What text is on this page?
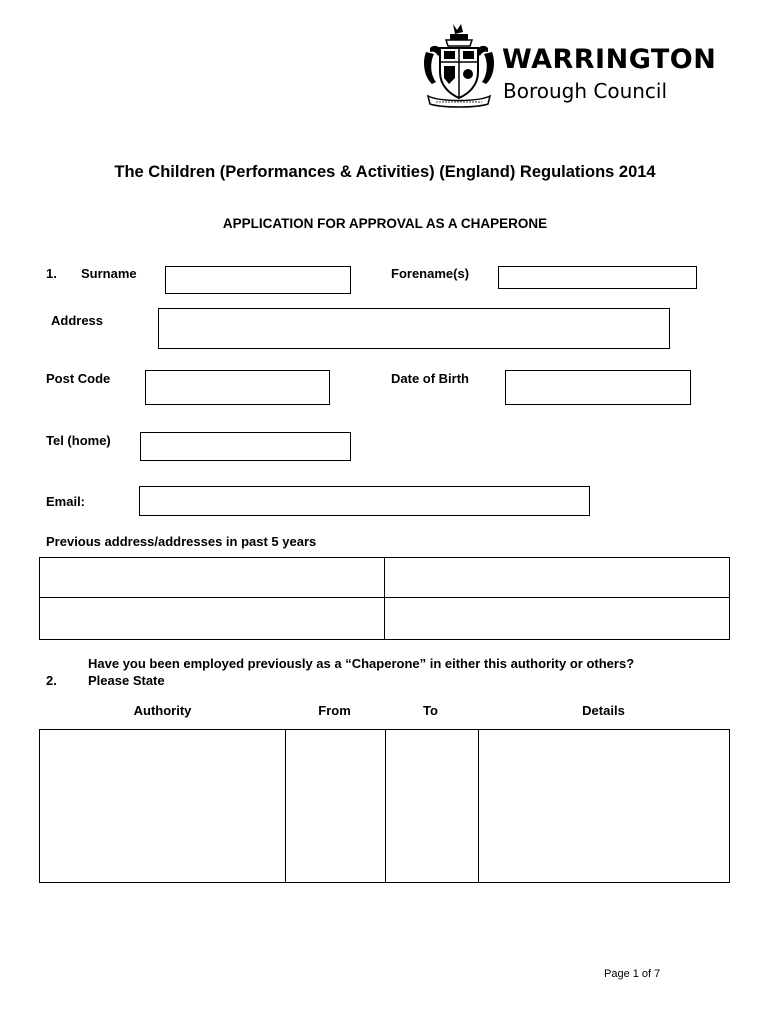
WARRINGTON
Borough Council
The Children (Performances & Activities) (England) Regulations 2014
APPLICATION FOR APPROVAL AS A CHAPERONE
1. Surname	Forename(s)
Address
Post Code	Date of Birth
Tel (home)
Email:
Previous address/addresses in past 5 years

Have you been employed previously as a “Chaperone” in either this authority or others?
2. Please State
Authority	From	To	Details

Page 1 of 7
